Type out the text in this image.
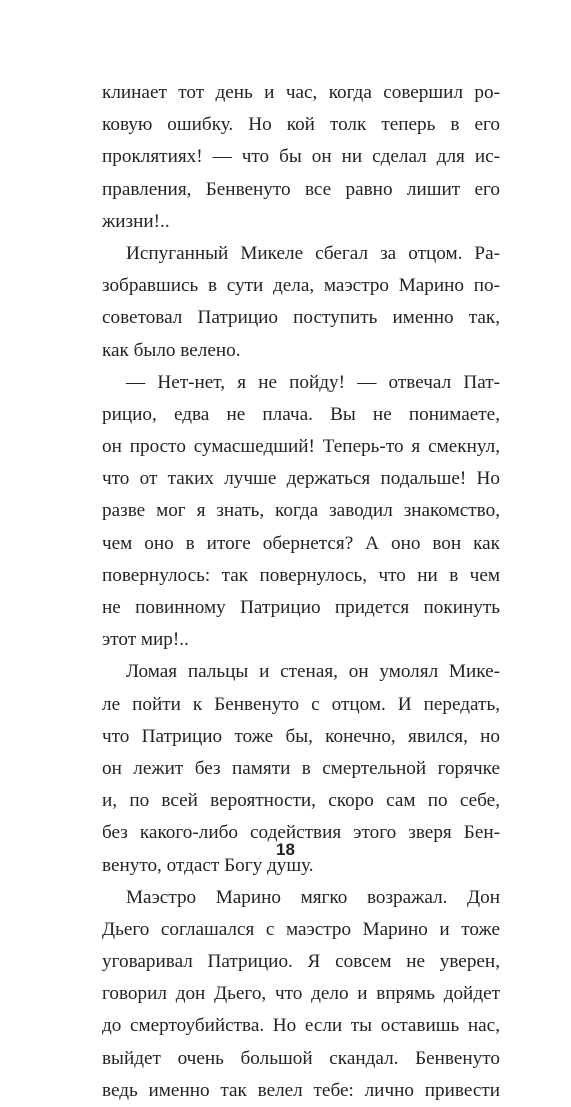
клинает тот день и час, когда совершил ро-
ковую ошибку. Но кой толк теперь в его
проклятиях! — что бы он ни сделал для ис-
правления, Бенвенуто все равно лишит его
жизни!..
Испуганный Микеле сбегал за отцом. Ра-
зобравшись в сути дела, маэстро Марино по-
советовал Патрицио поступить именно так,
как было велено.
— Нет-нет, я не пойду! — отвечал Пат-
рицио, едва не плача. Вы не понимаете,
он просто сумасшедший! Теперь-то я смекнул,
что от таких лучше держаться подальше! Но
разве мог я знать, когда заводил знакомство,
чем оно в итоге обернется? А оно вон как
повернулось: так повернулось, что ни в чем
не повинному Патрицио придется покинуть
этот мир!..
Ломая пальцы и стеная, он умолял Мике-
ле пойти к Бенвенуто с отцом. И передать,
что Патрицио тоже бы, конечно, явился, но
он лежит без памяти в смертельной горячке
и, по всей вероятности, скоро сам по себе,
без какого-либо содействия этого зверя Бен-
венуто, отдаст Богу душу.
Маэстро Марино мягко возражал. Дон
Дьего соглашался с маэстро Марино и тоже
уговаривал Патрицио. Я совсем не уверен,
говорил дон Дьего, что дело и впрямь дойдет
до смертоубийства. Но если ты оставишь нас,
выйдет очень большой скандал. Бенвенуто
ведь именно так велел тебе: лично привести
18
